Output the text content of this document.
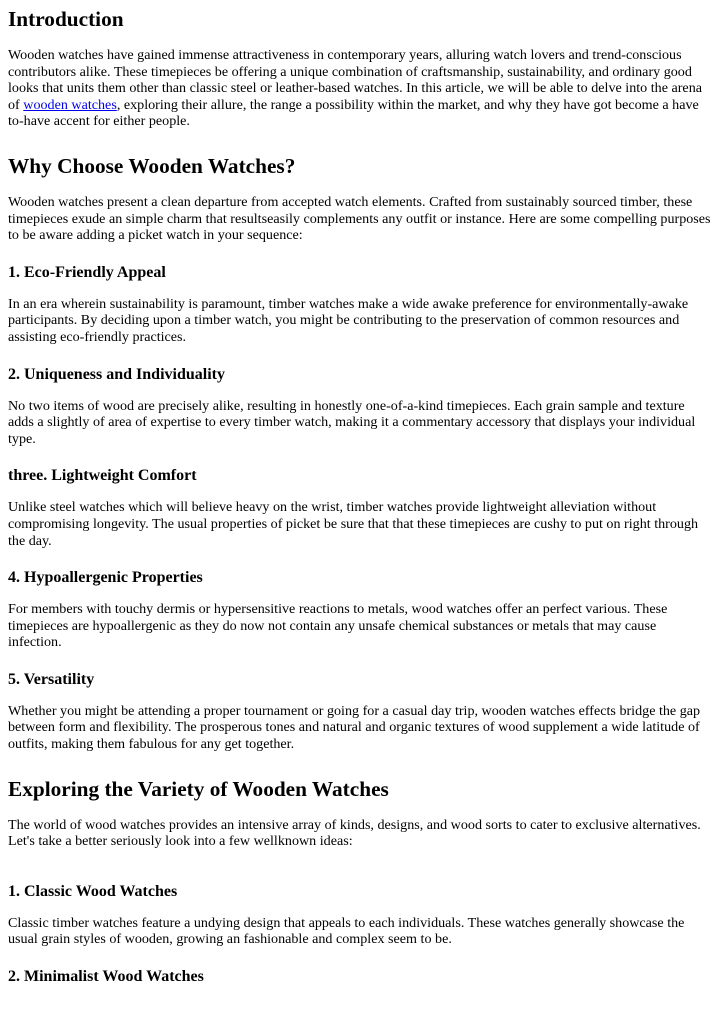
Introduction

Wooden watches have gained immense attractiveness in contemporary years, alluring watch lovers and trend-conscious contributors alike. These timepieces be offering a unique combination of craftsmanship, sustainability, and ordinary good looks that units them other than classic steel or leather-based watches. In this article, we will be able to delve into the arena of wooden watches, exploring their allure, the range a possibility within the market, and why they have got become a have to-have accent for either people.

Why Choose Wooden Watches?

Wooden watches present a clean departure from accepted watch elements. Crafted from sustainably sourced timber, these timepieces exude an simple charm that resultseasily complements any outfit or instance. Here are some compelling purposes to be aware adding a picket watch in your sequence:

1. Eco-Friendly Appeal

In an era wherein sustainability is paramount, timber watches make a wide awake preference for environmentally-awake participants. By deciding upon a timber watch, you might be contributing to the preservation of common resources and assisting eco-friendly practices.

2. Uniqueness and Individuality

No two items of wood are precisely alike, resulting in honestly one-of-a-kind timepieces. Each grain sample and texture adds a slightly of area of expertise to every timber watch, making it a commentary accessory that displays your individual type.

three. Lightweight Comfort

Unlike steel watches which will believe heavy on the wrist, timber watches provide lightweight alleviation without compromising longevity. The usual properties of picket be sure that that these timepieces are cushy to put on right through the day.

4. Hypoallergenic Properties

For members with touchy dermis or hypersensitive reactions to metals, wood watches offer an perfect various. These timepieces are hypoallergenic as they do now not contain any unsafe chemical substances or metals that may cause infection.

5. Versatility

Whether you might be attending a proper tournament or going for a casual day trip, wooden watches effects bridge the gap between form and flexibility. The prosperous tones and natural and organic textures of wood supplement a wide latitude of outfits, making them fabulous for any get together.

Exploring the Variety of Wooden Watches

The world of wood watches provides an intensive array of kinds, designs, and wood sorts to cater to exclusive alternatives. Let's take a better seriously look into a few wellknown ideas:

1. Classic Wood Watches

Classic timber watches feature a undying design that appeals to each individuals. These watches generally showcase the usual grain styles of wooden, growing an fashionable and complex seem to be.

2. Minimalist Wood Watches
